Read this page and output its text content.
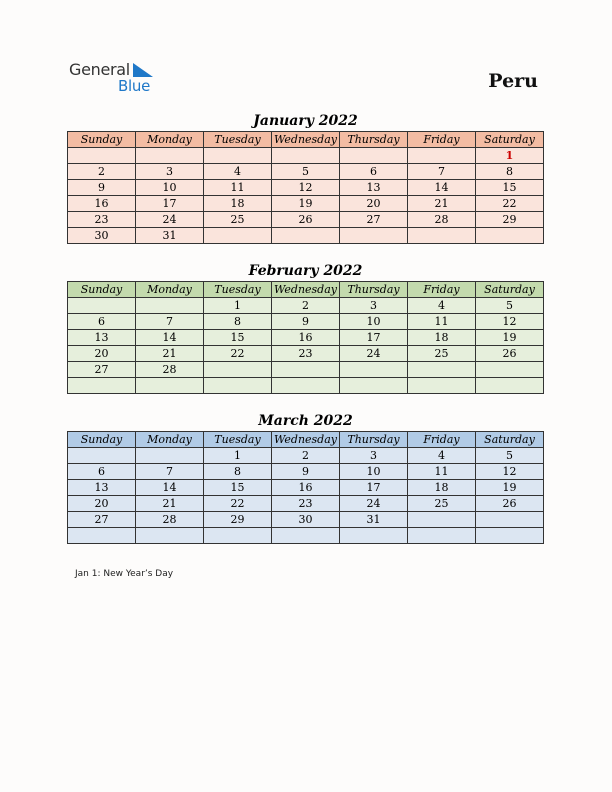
General
Blue	Peru
January 2022
Sunday	Monday	Tuesday	Wednesday	Thursday	Friday	Saturday
						1
2	3	4	5	6	7	8
9	10	11	12	13	14	15
16	17	18	19	20	21	22
23	24	25	26	27	28	29
30	31					
February 2022
Sunday	Monday	Tuesday	Wednesday	Thursday	Friday	Saturday
		1	2	3	4	5
6	7	8	9	10	11	12
13	14	15	16	17	18	19
20	21	22	23	24	25	26
27	28					

March 2022
Sunday	Monday	Tuesday	Wednesday	Thursday	Friday	Saturday
		1	2	3	4	5
6	7	8	9	10	11	12
13	14	15	16	17	18	19
20	21	22	23	24	25	26
27	28	29	30	31		

Jan 1: New Year’s Day
